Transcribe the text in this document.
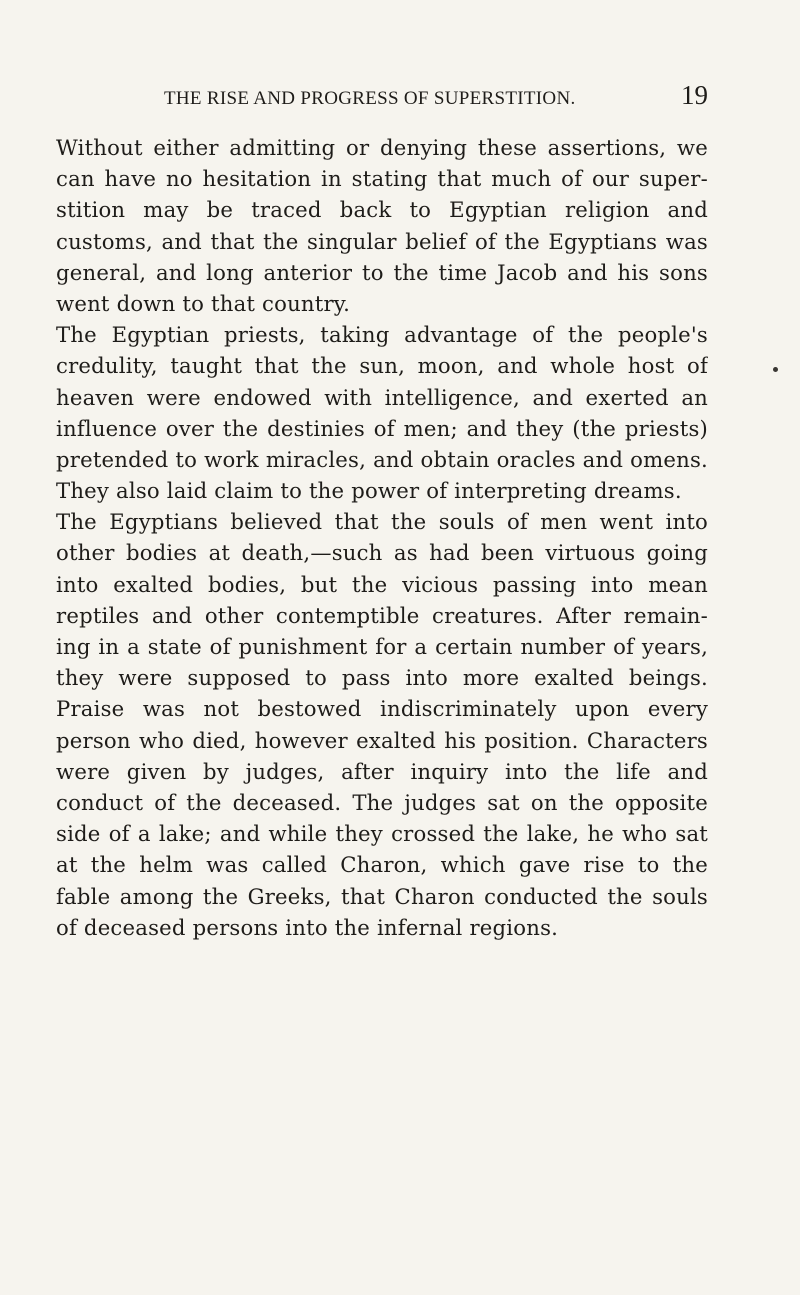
THE RISE AND PROGRESS OF SUPERSTITION.	19
Without either admitting or denying these assertions, we
can have no hesitation in stating that much of our super-
stition may be traced back to Egyptian religion and
customs, and that the singular belief of the Egyptians was
general, and long anterior to the time Jacob and his sons
went down to that country.
The Egyptian priests, taking advantage of the people's
credulity, taught that the sun, moon, and whole host of
heaven were endowed with intelligence, and exerted an
influence over the destinies of men; and they (the priests)
pretended to work miracles, and obtain oracles and omens.
They also laid claim to the power of interpreting dreams.
The Egyptians believed that the souls of men went into
other bodies at death,—such as had been virtuous going
into exalted bodies, but the vicious passing into mean
reptiles and other contemptible creatures. After remain-
ing in a state of punishment for a certain number of years,
they were supposed to pass into more exalted beings.
Praise was not bestowed indiscriminately upon every
person who died, however exalted his position. Characters
were given by judges, after inquiry into the life and
conduct of the deceased. The judges sat on the opposite
side of a lake; and while they crossed the lake, he who sat
at the helm was called Charon, which gave rise to the
fable among the Greeks, that Charon conducted the souls
of deceased persons into the infernal regions.
